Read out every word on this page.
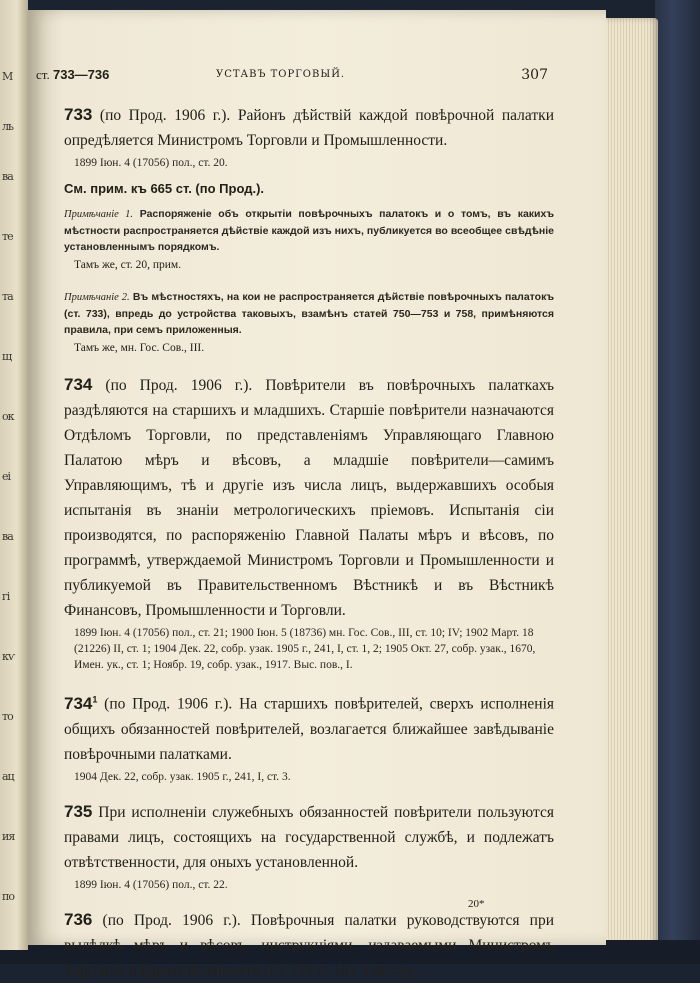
М
ль
ва
те
та
щ
ок
еі
ва
гі
кѵ
то
ац
ия
по
ст. 733—736	УСТАВЪ ТОРГОВЫЙ.	307

733 (по Прод. 1906 г.). Районъ дѣйствій каждой повѣрочной палатки опредѣляется Министромъ Торговли и Промышленности.

1899 Іюн. 4 (17056) пол., ст. 20.

См. прим. къ 665 ст. (по Прод.).

Примѣчаніе 1. Распоряженіе объ открытіи повѣрочныхъ палатокъ и о томъ, въ какихъ мѣстности распространяется дѣйствіе каждой изъ нихъ, публикуется во всеобщее свѣдѣніе установленнымъ порядкомъ.

Тамъ же, ст. 20, прим.

Примѣчаніе 2. Въ мѣстностяхъ, на кои не распространяется дѣйствіе повѣрочныхъ палатокъ (ст. 733), впредь до устройства таковыхъ, взамѣнъ статей 750—753 и 758, примѣняются правила, при семъ приложенныя.

Тамъ же, мн. Гос. Сов., III.

734 (по Прод. 1906 г.). Повѣрители въ повѣрочныхъ палаткахъ раздѣляются на старшихъ и младшихъ. Старшіе повѣрители назначаются Отдѣломъ Торговли, по представленіямъ Управляющаго Главною Палатою мѣръ и вѣсовъ, а младшіе повѣрители—самимъ Управляющимъ, тѣ и другіе изъ числа лицъ, выдержавшихъ особыя испытанія въ знаніи метрологическихъ пріемовъ. Испытанія сіи производятся, по распоряженію Главной Палаты мѣръ и вѣсовъ, по программѣ, утверждаемой Министромъ Торговли и Промышленности и публикуемой въ Правительственномъ Вѣстникѣ и въ Вѣстникѣ Финансовъ, Промышленности и Торговли.

1899 Іюн. 4 (17056) пол., ст. 21; 1900 Іюн. 5 (18736) мн. Гос. Сов., III, ст. 10; IV; 1902 Март. 18 (21226) II, ст. 1; 1904 Дек. 22, собр. узак. 1905 г., 241, I, ст. 1, 2; 1905 Окт. 27, собр. узак., 1670, Имен. ук., ст. 1; Ноябр. 19, собр. узак., 1917. Выс. пов., I.

$734^1$ (по Прод. 1906 г.). На старшихъ повѣрителей, сверхъ исполненія общихъ обязанностей повѣрителей, возлагается ближайшее завѣдываніе повѣрочными палатками.

1904 Дек. 22, собр. узак. 1905 г., 241, I, ст. 3.

735 При исполненіи служебныхъ обязанностей повѣрители пользуются правами лицъ, состоящихъ на государственной службѣ, и подлежатъ отвѣтственности, для оныхъ установленной.

1899 Іюн. 4 (17056) пол., ст. 22.

736 (по Прод. 1906 г.). Повѣрочныя палатки руководствуются при выдѣлкѣ мѣръ и вѣсовъ, инструкціями, издаваемыми Министромъ Торговли и Промышленности (ст. 729 п. 10), а въ слу-

20*
